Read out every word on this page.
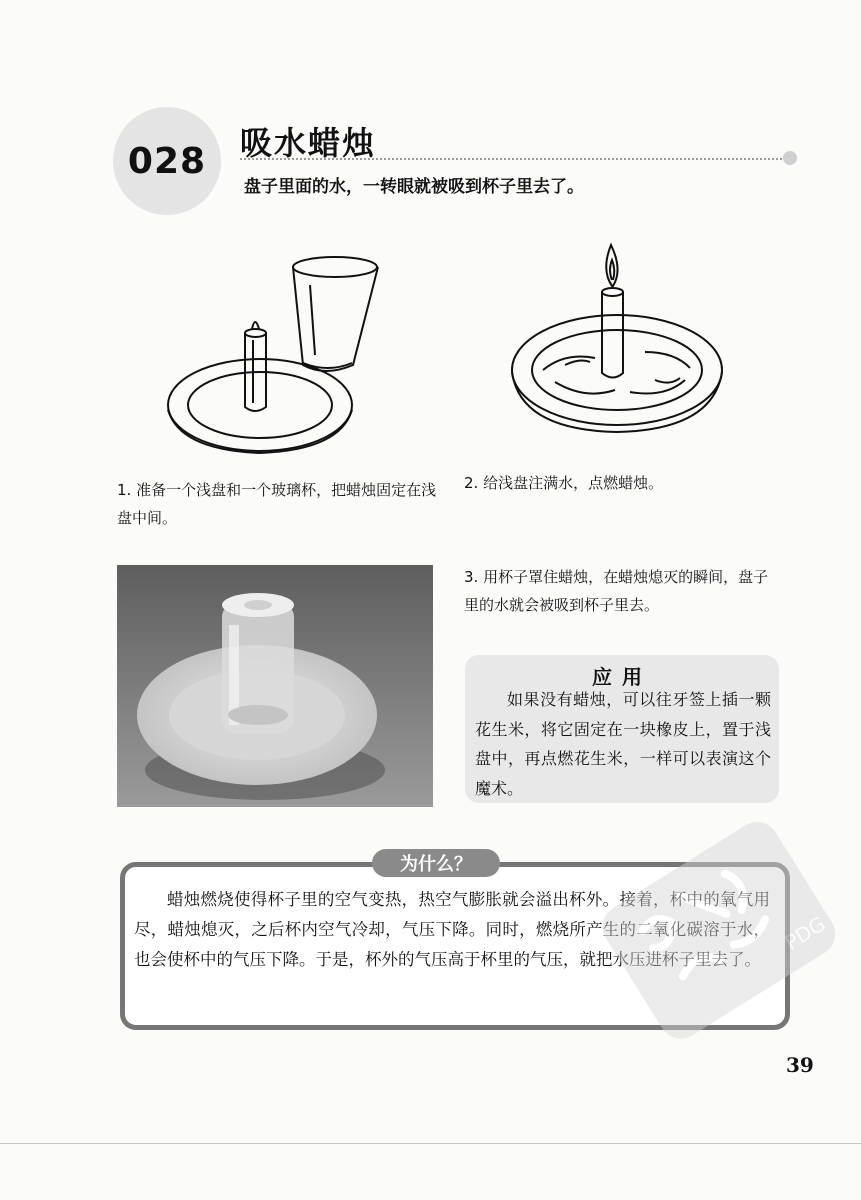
028 吸水蜡烛
盘子里面的水，一转眼就被吸到杯子里去了。
1. 准备一个浅盘和一个玻璃杯，把蜡烛固定在浅盘中间。
2. 给浅盘注满水，点燃蜡烛。
3. 用杯子罩住蜡烛，在蜡烛熄灭的瞬间，盘子里的水就会被吸到杯子里去。
应用
如果没有蜡烛，可以往牙签上插一颗花生米，将它固定在一块橡皮上，置于浅盘中，再点燃花生米，一样可以表演这个魔术。
为什么？
蜡烛燃烧使得杯子里的空气变热，热空气膨胀就会溢出杯外。接着，杯中的氧气用尽，蜡烛熄灭，之后杯内空气冷却，气压下降。同时，燃烧所产生的二氧化碳溶于水，也会使杯中的气压下降。于是，杯外的气压高于杯里的气压，就把水压进杯子里去了。
PDG
39
